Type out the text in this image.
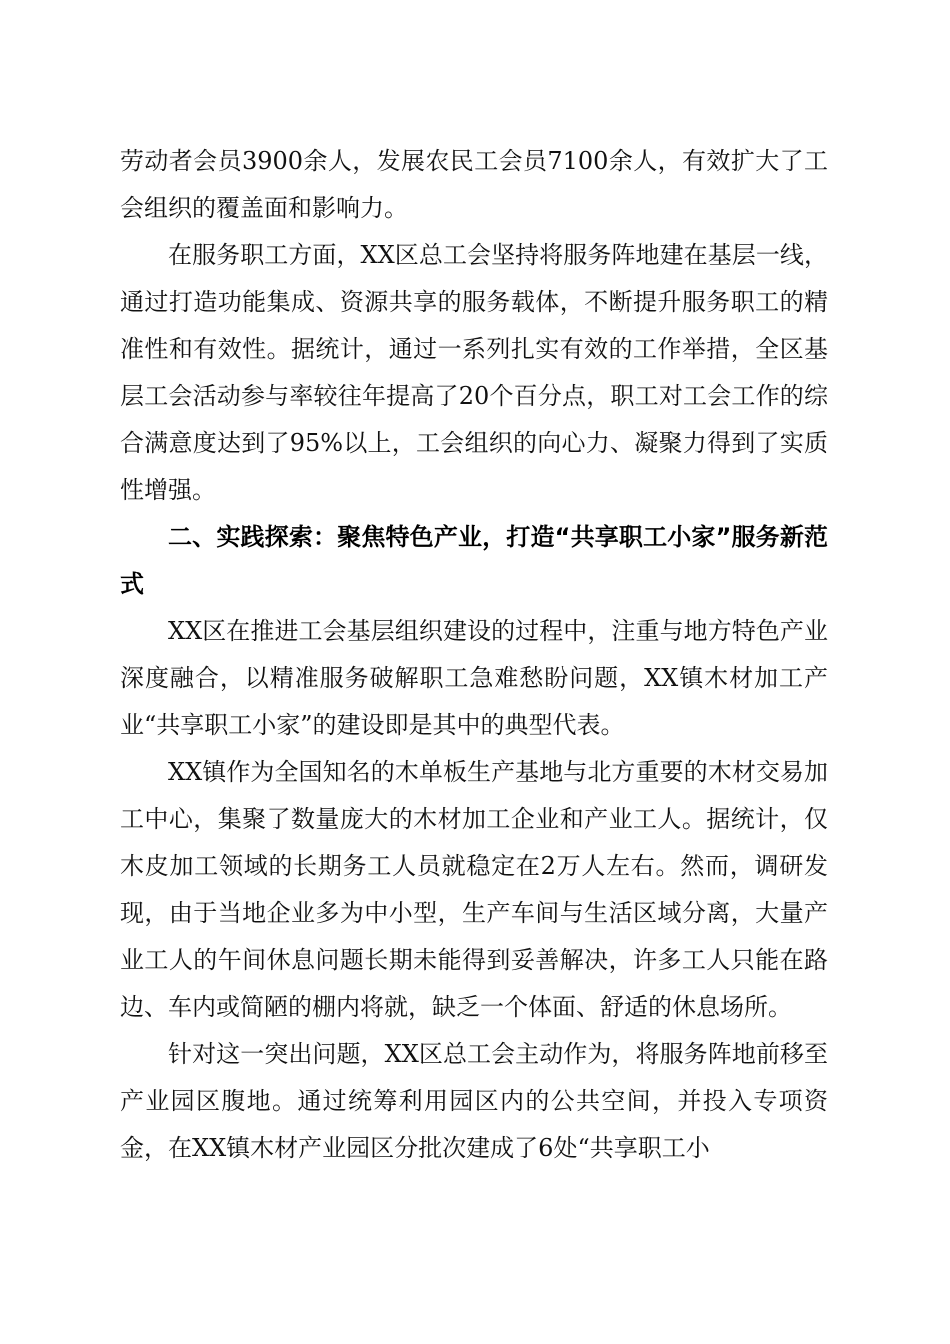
劳动者会员3900余人，发展农民工会员7100余人，有效扩大了工会组织的覆盖面和影响力。

在服务职工方面，XX区总工会坚持将服务阵地建在基层一线，通过打造功能集成、资源共享的服务载体，不断提升服务职工的精准性和有效性。据统计，通过一系列扎实有效的工作举措，全区基层工会活动参与率较往年提高了20个百分点，职工对工会工作的综合满意度达到了95%以上，工会组织的向心力、凝聚力得到了实质性增强。

二、实践探索：聚焦特色产业，打造“共享职工小家”服务新范式

XX区在推进工会基层组织建设的过程中，注重与地方特色产业深度融合，以精准服务破解职工急难愁盼问题，XX镇木材加工产业“共享职工小家”的建设即是其中的典型代表。

XX镇作为全国知名的木单板生产基地与北方重要的木材交易加工中心，集聚了数量庞大的木材加工企业和产业工人。据统计，仅木皮加工领域的长期务工人员就稳定在2万人左右。然而，调研发现，由于当地企业多为中小型，生产车间与生活区域分离，大量产业工人的午间休息问题长期未能得到妥善解决，许多工人只能在路边、车内或简陋的棚内将就，缺乏一个体面、舒适的休息场所。

针对这一突出问题，XX区总工会主动作为，将服务阵地前移至产业园区腹地。通过统筹利用园区内的公共空间，并投入专项资金，在XX镇木材产业园区分批次建成了6处“共享职工小
